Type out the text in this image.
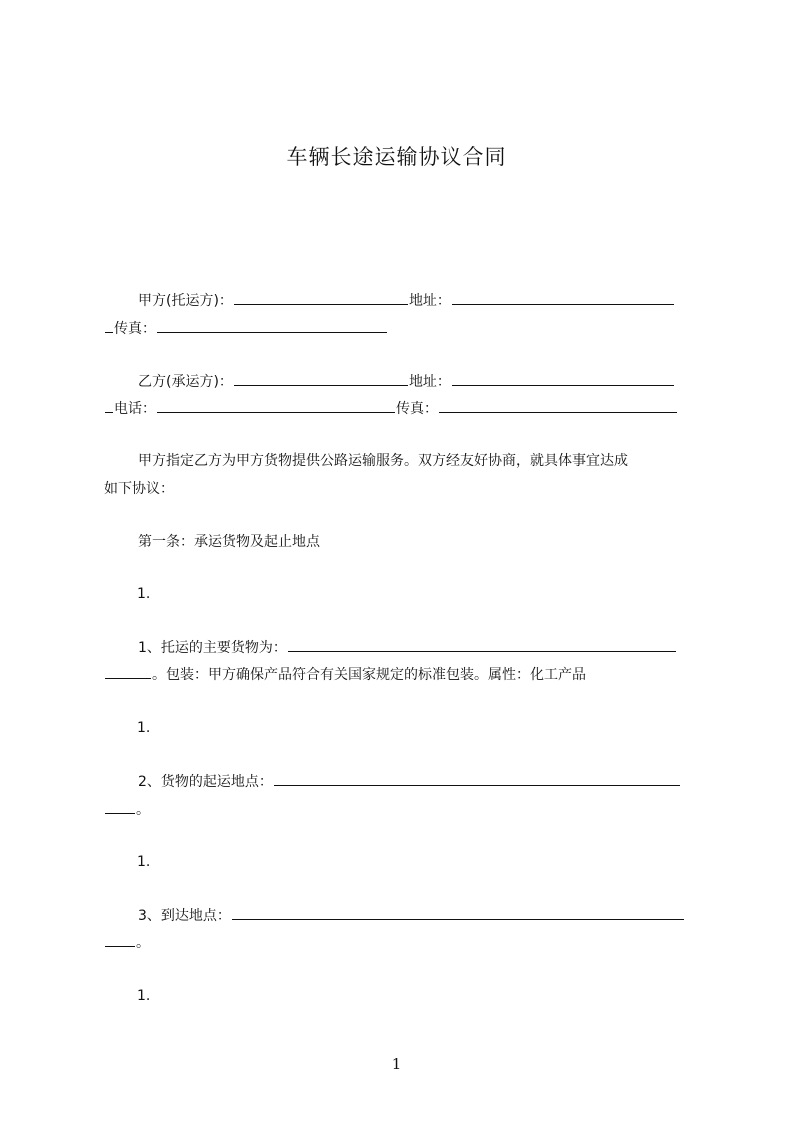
车辆长途运输协议合同
甲方(托运方)：	地址：
传真：
乙方(承运方)：	地址：
电话：	传真：
甲方指定乙方为甲方货物提供公路运输服务。双方经友好协商，就具体事宜达成
如下协议：
第一条：承运货物及起止地点
1.
1、托运的主要货物为：
。包装：甲方确保产品符合有关国家规定的标准包装。属性：化工产品
1.
2、货物的起运地点：
。
1.
3、到达地点：
。
1.
1
